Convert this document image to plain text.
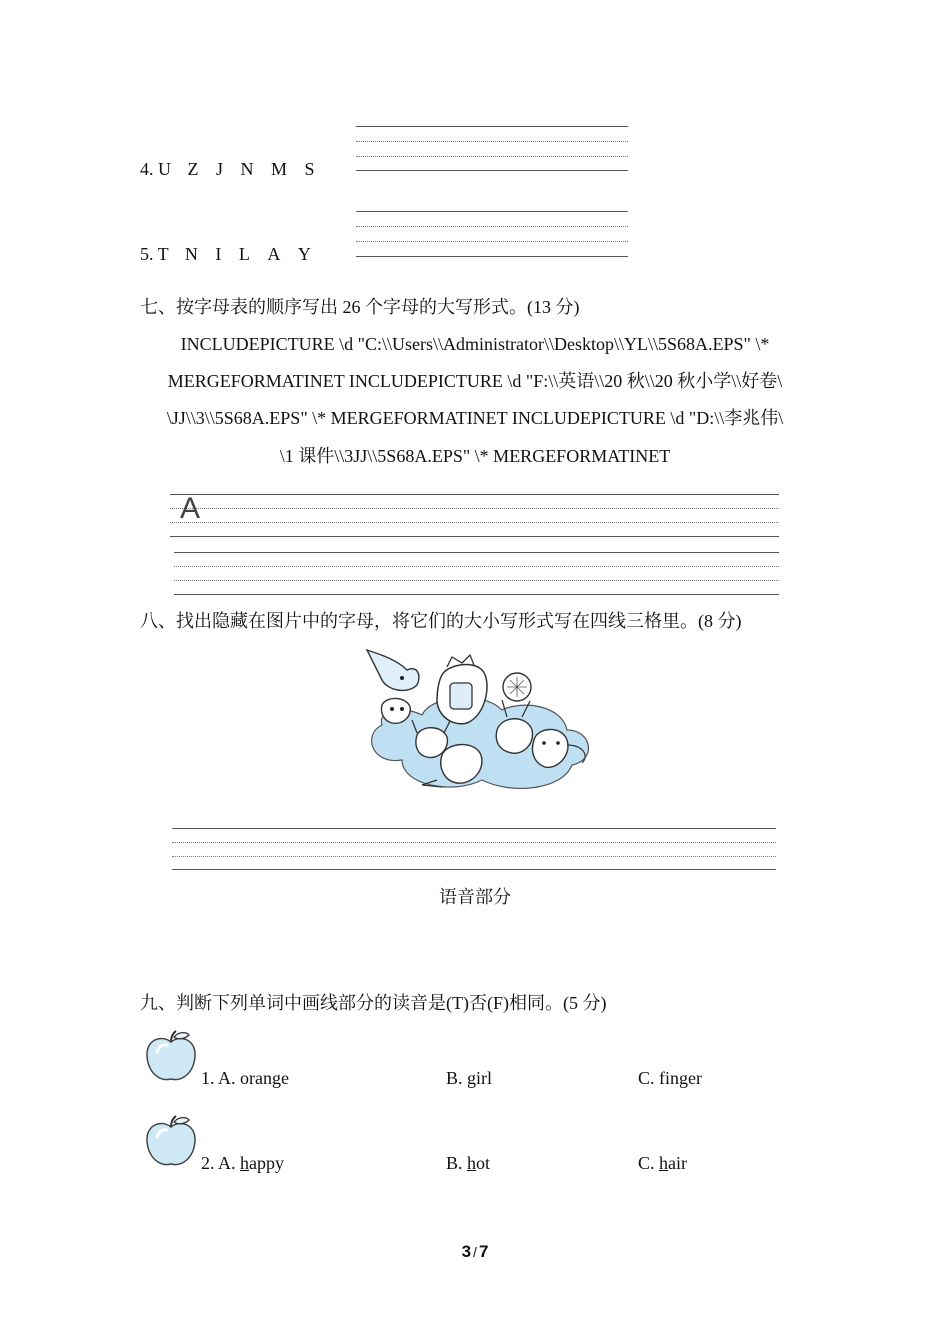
4. U Z J N M S
5. T N I L A Y
七、按字母表的顺序写出 26 个字母的大写形式。(13 分)
INCLUDEPICTURE \d "C:\\Users\\Administrator\\Desktop\\YL\\5S68A.EPS" \*
MERGEFORMATINET INCLUDEPICTURE \d "F:\\英语\\20 秋\\20 秋小学\\好卷\
\JJ\\3\\5S68A.EPS" \* MERGEFORMATINET INCLUDEPICTURE \d "D:\\李兆伟\
\1 课件\\3JJ\\5S68A.EPS" \* MERGEFORMATINET
A
八、找出隐藏在图片中的字母，将它们的大小写形式写在四线三格里。(8 分)
语音部分
九、判断下列单词中画线部分的读音是(T)否(F)相同。(5 分)
1. A. orange	B. girl	C. finger
2. A. happy	B. hot	C. hair
3 / 7
